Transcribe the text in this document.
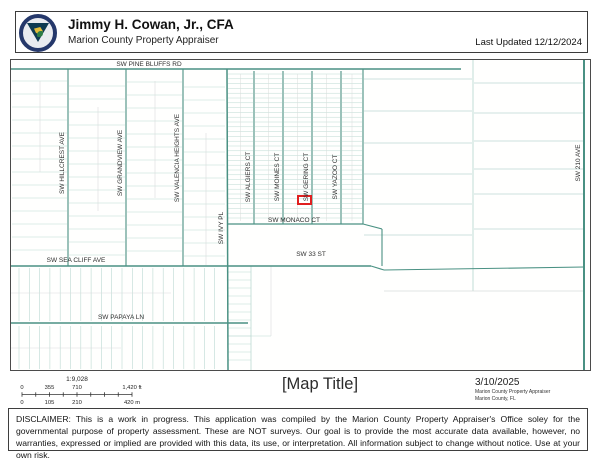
Jimmy H. Cowan, Jr., CFA
Marion County Property Appraiser	Last Updated 12/12/2024
SW PINE BLUFFS RD
SW HILLCREST AVE	SW GRANDVIEW AVE	SW VALENCIA HEIGHTS AVE
SW IVY PL
SW ALGIERS CT	SW MOINES CT	SW GERING CT	SW YAZOO CT
SW MONACO CT
SW SEA CLIFF AVE
SW 33 ST
SW PAPAYA LN
SW 210 AVE
1:9,028
0	355	710	1,420 ft
0	105	210	420 m
[Map Title]	3/10/2025
Marion County Property Appraiser
Marion County, FL
DISCLAIMER: This is a work in progress. This application was compiled by the Marion County Property Appraiser's Office soley for the governmental purpose of property assessment. These are NOT surveys. Our goal is to provide the most accurate data available, however, no warranties, expressed or implied are provided with this data, its use, or interpretation. All information subject to change without notice. Use at your own risk.
